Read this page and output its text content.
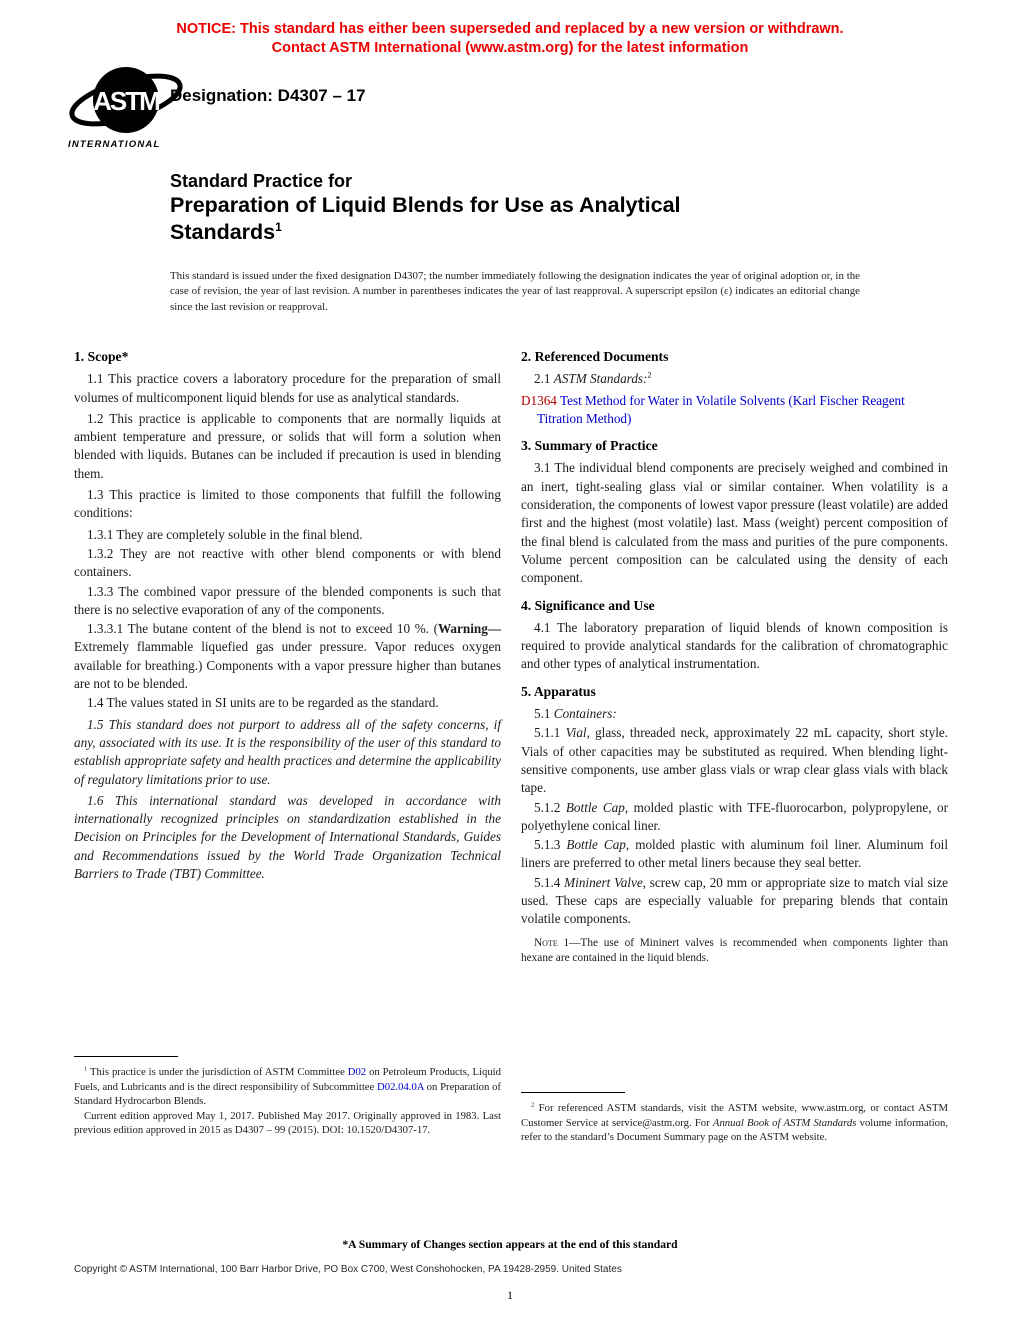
NOTICE: This standard has either been superseded and replaced by a new version or withdrawn.
Contact ASTM International (www.astm.org) for the latest information
ASTM
INTERNATIONAL
Designation: D4307 – 17
Standard Practice for
Preparation of Liquid Blends for Use as Analytical
Standards$^1$
This standard is issued under the fixed designation D4307; the number immediately following the designation indicates the year of original adoption or, in the case of revision, the year of last revision. A number in parentheses indicates the year of last reapproval. A superscript epsilon (ε) indicates an editorial change since the last revision or reapproval.
1. Scope*

1.1 This practice covers a laboratory procedure for the preparation of small volumes of multicomponent liquid blends for use as analytical standards.

1.2 This practice is applicable to components that are normally liquids at ambient temperature and pressure, or solids that will form a solution when blended with liquids. Butanes can be included if precaution is used in blending them.

1.3 This practice is limited to those components that fulfill the following conditions:

1.3.1 They are completely soluble in the final blend.

1.3.2 They are not reactive with other blend components or with blend containers.

1.3.3 The combined vapor pressure of the blended components is such that there is no selective evaporation of any of the components.

1.3.3.1 The butane content of the blend is not to exceed 10 %. (Warning—Extremely flammable liquefied gas under pressure. Vapor reduces oxygen available for breathing.) Components with a vapor pressure higher than butanes are not to be blended.

1.4 The values stated in SI units are to be regarded as the standard.

1.5 This standard does not purport to address all of the safety concerns, if any, associated with its use. It is the responsibility of the user of this standard to establish appropriate safety and health practices and determine the applicability of regulatory limitations prior to use.

1.6 This international standard was developed in accordance with internationally recognized principles on standardization established in the Decision on Principles for the Development of International Standards, Guides and Recommendations issued by the World Trade Organization Technical Barriers to Trade (TBT) Committee.

2. Referenced Documents

2.1 ASTM Standards:$^2$

D1364 Test Method for Water in Volatile Solvents (Karl Fischer Reagent Titration Method)

3. Summary of Practice

3.1 The individual blend components are precisely weighed and combined in an inert, tight-sealing glass vial or similar container. When volatility is a consideration, the components of lowest vapor pressure (least volatile) are added first and the highest (most volatile) last. Mass (weight) percent composition of the final blend is calculated from the mass and purities of the pure components. Volume percent composition can be calculated using the density of each component.

4. Significance and Use

4.1 The laboratory preparation of liquid blends of known composition is required to provide analytical standards for the calibration of chromatographic and other types of analytical instrumentation.

5. Apparatus

5.1 Containers:

5.1.1 Vial, glass, threaded neck, approximately 22 mL capacity, short style. Vials of other capacities may be substituted as required. When blending light-sensitive components, use amber glass vials or wrap clear glass vials with black tape.

5.1.2 Bottle Cap, molded plastic with TFE-fluorocarbon, polypropylene, or polyethylene conical liner.

5.1.3 Bottle Cap, molded plastic with aluminum foil liner. Aluminum foil liners are preferred to other metal liners because they seal better.

5.1.4 Mininert Valve, screw cap, 20 mm or appropriate size to match vial size used. These caps are especially valuable for preparing blends that contain volatile components.

Note 1—The use of Mininert valves is recommended when components lighter than hexane are contained in the liquid blends.

$^1$ This practice is under the jurisdiction of ASTM Committee D02 on Petroleum Products, Liquid Fuels, and Lubricants and is the direct responsibility of Subcommittee D02.04.0A on Preparation of Standard Hydrocarbon Blends.

Current edition approved May 1, 2017. Published May 2017. Originally approved in 1983. Last previous edition approved in 2015 as D4307 – 99 (2015). DOI: 10.1520/D4307-17.

$^2$ For referenced ASTM standards, visit the ASTM website, www.astm.org, or contact ASTM Customer Service at service@astm.org. For Annual Book of ASTM Standards volume information, refer to the standard’s Document Summary page on the ASTM website.

*A Summary of Changes section appears at the end of this standard
Copyright © ASTM International, 100 Barr Harbor Drive, PO Box C700, West Conshohocken, PA 19428-2959. United States
1
